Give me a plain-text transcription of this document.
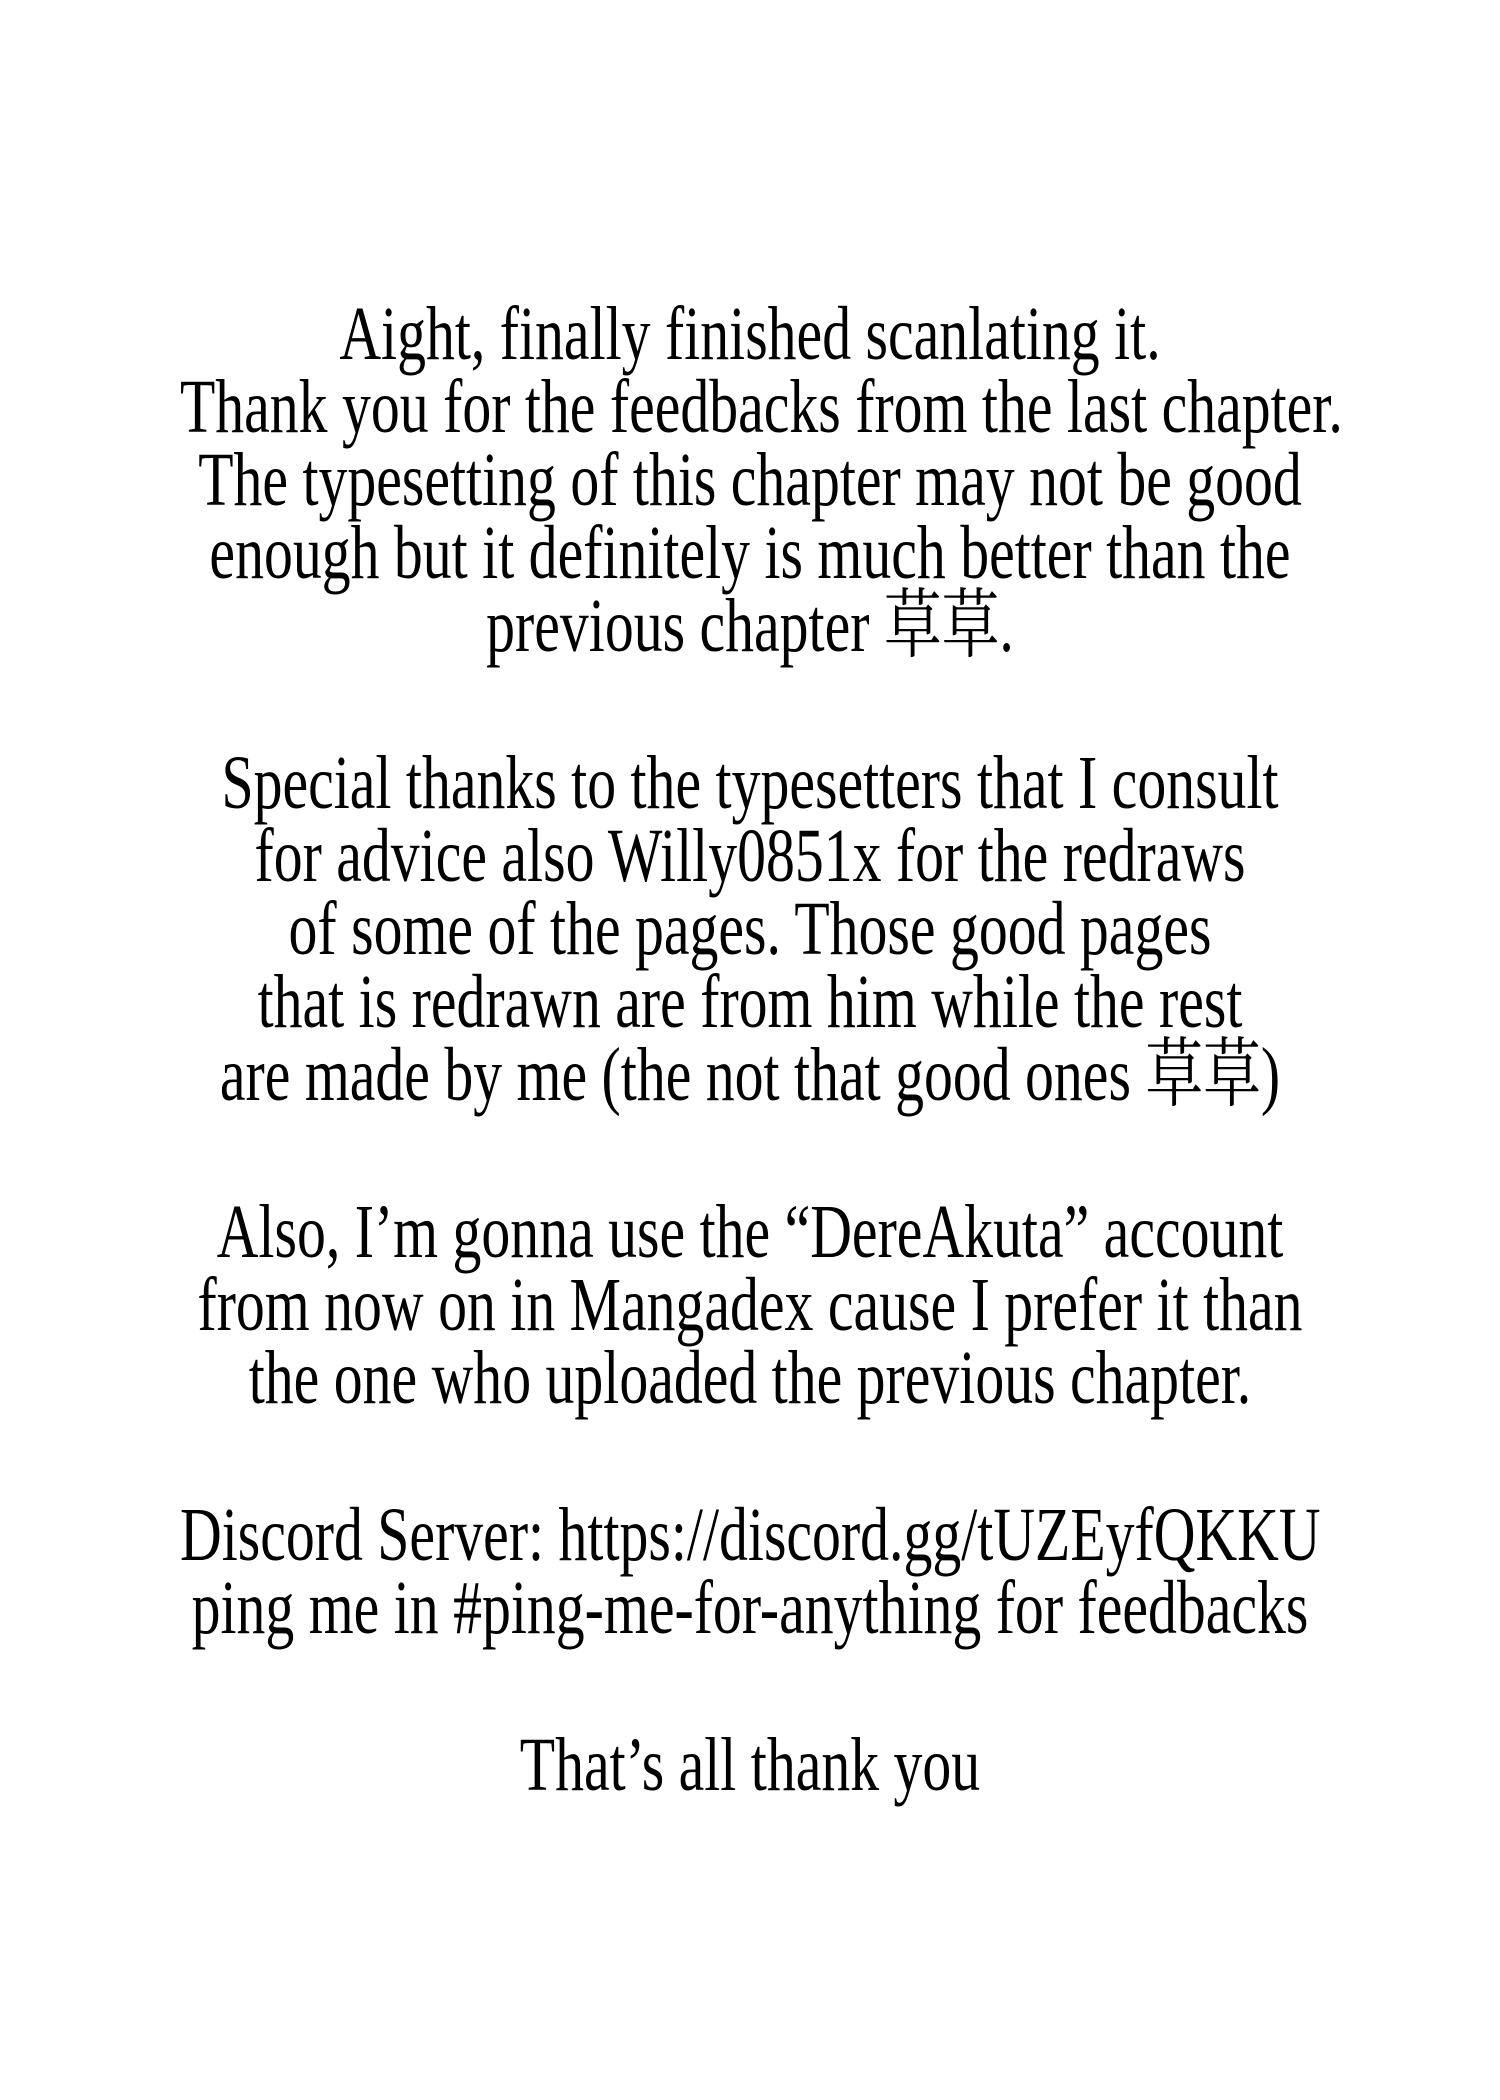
Aight, finally finished scanlating it.
Thank you for the feedbacks from the last chapter.
The typesetting of this chapter may not be good
enough but it definitely is much better than the
previous chapter 草草.

Special thanks to the typesetters that I consult
for advice also Willy0851x for the redraws
of some of the pages. Those good pages
that is redrawn are from him while the rest
are made by me (the not that good ones 草草)

Also, I’m gonna use the “DereAkuta” account
from now on in Mangadex cause I prefer it than
the one who uploaded the previous chapter.

Discord Server: https://discord.gg/tUZEyfQKKU
ping me in #ping-me-for-anything for feedbacks

That’s all thank you
